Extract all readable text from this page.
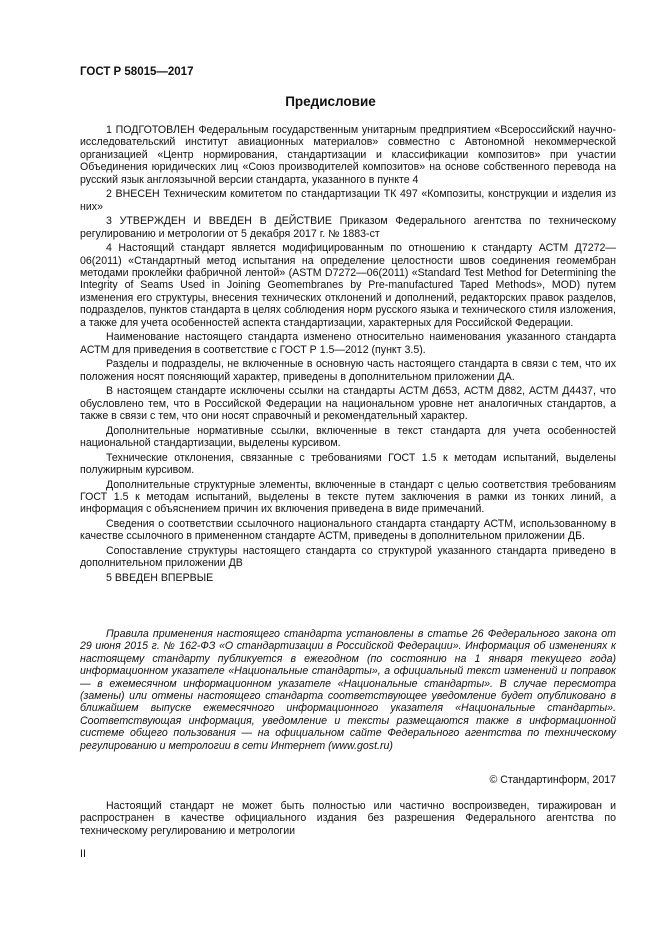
ГОСТ Р 58015—2017
Предисловие

1 ПОДГОТОВЛЕН Федеральным государственным унитарным предприятием «Всероссийский научно-исследовательский институт авиационных материалов» совместно с Автономной некоммерческой организацией «Центр нормирования, стандартизации и классификации композитов» при участии Объединения юридических лиц «Союз производителей композитов» на основе собственного перевода на русский язык англоязычной версии стандарта, указанного в пункте 4

2 ВНЕСЕН Техническим комитетом по стандартизации ТК 497 «Композиты, конструкции и изделия из них»

3 УТВЕРЖДЕН И ВВЕДЕН В ДЕЙСТВИЕ Приказом Федерального агентства по техническому регулированию и метрологии от 5 декабря 2017 г. № 1883-ст

4 Настоящий стандарт является модифицированным по отношению к стандарту АСТМ Д7272—06(2011) «Стандартный метод испытания на определение целостности швов соединения геомембран методами проклейки фабричной лентой» (ASTM D7272—06(2011) «Standard Test Method for Determining the Integrity of Seams Used in Joining Geomembranes by Pre-manufactured Taped Methods», MOD) путем изменения его структуры, внесения технических отклонений и дополнений, редакторских правок разделов, подразделов, пунктов стандарта в целях соблюдения норм русского языка и технического стиля изложения, а также для учета особенностей аспекта стандартизации, характерных для Российской Федерации.

Наименование настоящего стандарта изменено относительно наименования указанного стандарта АСТМ для приведения в соответствие с ГОСТ Р 1.5—2012 (пункт 3.5).

Разделы и подразделы, не включенные в основную часть настоящего стандарта в связи с тем, что их положения носят поясняющий характер, приведены в дополнительном приложении ДА.

В настоящем стандарте исключены ссылки на стандарты АСТМ Д653, АСТМ Д882, АСТМ Д4437, что обусловлено тем, что в Российской Федерации на национальном уровне нет аналогичных стандартов, а также в связи с тем, что они носят справочный и рекомендательный характер.

Дополнительные нормативные ссылки, включенные в текст стандарта для учета особенностей национальной стандартизации, выделены курсивом.

Технические отклонения, связанные с требованиями ГОСТ 1.5 к методам испытаний, выделены полужирным курсивом.

Дополнительные структурные элементы, включенные в стандарт с целью соответствия требованиям ГОСТ 1.5 к методам испытаний, выделены в тексте путем заключения в рамки из тонких линий, а информация с объяснением причин их включения приведена в виде примечаний.

Сведения о соответствии ссылочного национального стандарта стандарту АСТМ, использованному в качестве ссылочного в примененном стандарте АСТМ, приведены в дополнительном приложении ДБ.

Сопоставление структуры настоящего стандарта со структурой указанного стандарта приведено в дополнительном приложении ДВ

5 ВВЕДЕН ВПЕРВЫЕ

Правила применения настоящего стандарта установлены в статье 26 Федерального закона от 29 июня 2015 г. № 162-ФЗ «О стандартизации в Российской Федерации». Информация об изменениях к настоящему стандарту публикуется в ежегодном (по состоянию на 1 января текущего года) информационном указателе «Национальные стандарты», а официальный текст изменений и поправок — в ежемесячном информационном указателе «Национальные стандарты». В случае пересмотра (замены) или отмены настоящего стандарта соответствующее уведомление будет опубликовано в ближайшем выпуске ежемесячного информационного указателя «Национальные стандарты». Соответствующая информация, уведомление и тексты размещаются также в информационной системе общего пользования — на официальном сайте Федерального агентства по техническому регулированию и метрологии в сети Интернет (www.gost.ru)

© Стандартинформ, 2017

Настоящий стандарт не может быть полностью или частично воспроизведен, тиражирован и распространен в качестве официального издания без разрешения Федерального агентства по техническому регулированию и метрологии

II
